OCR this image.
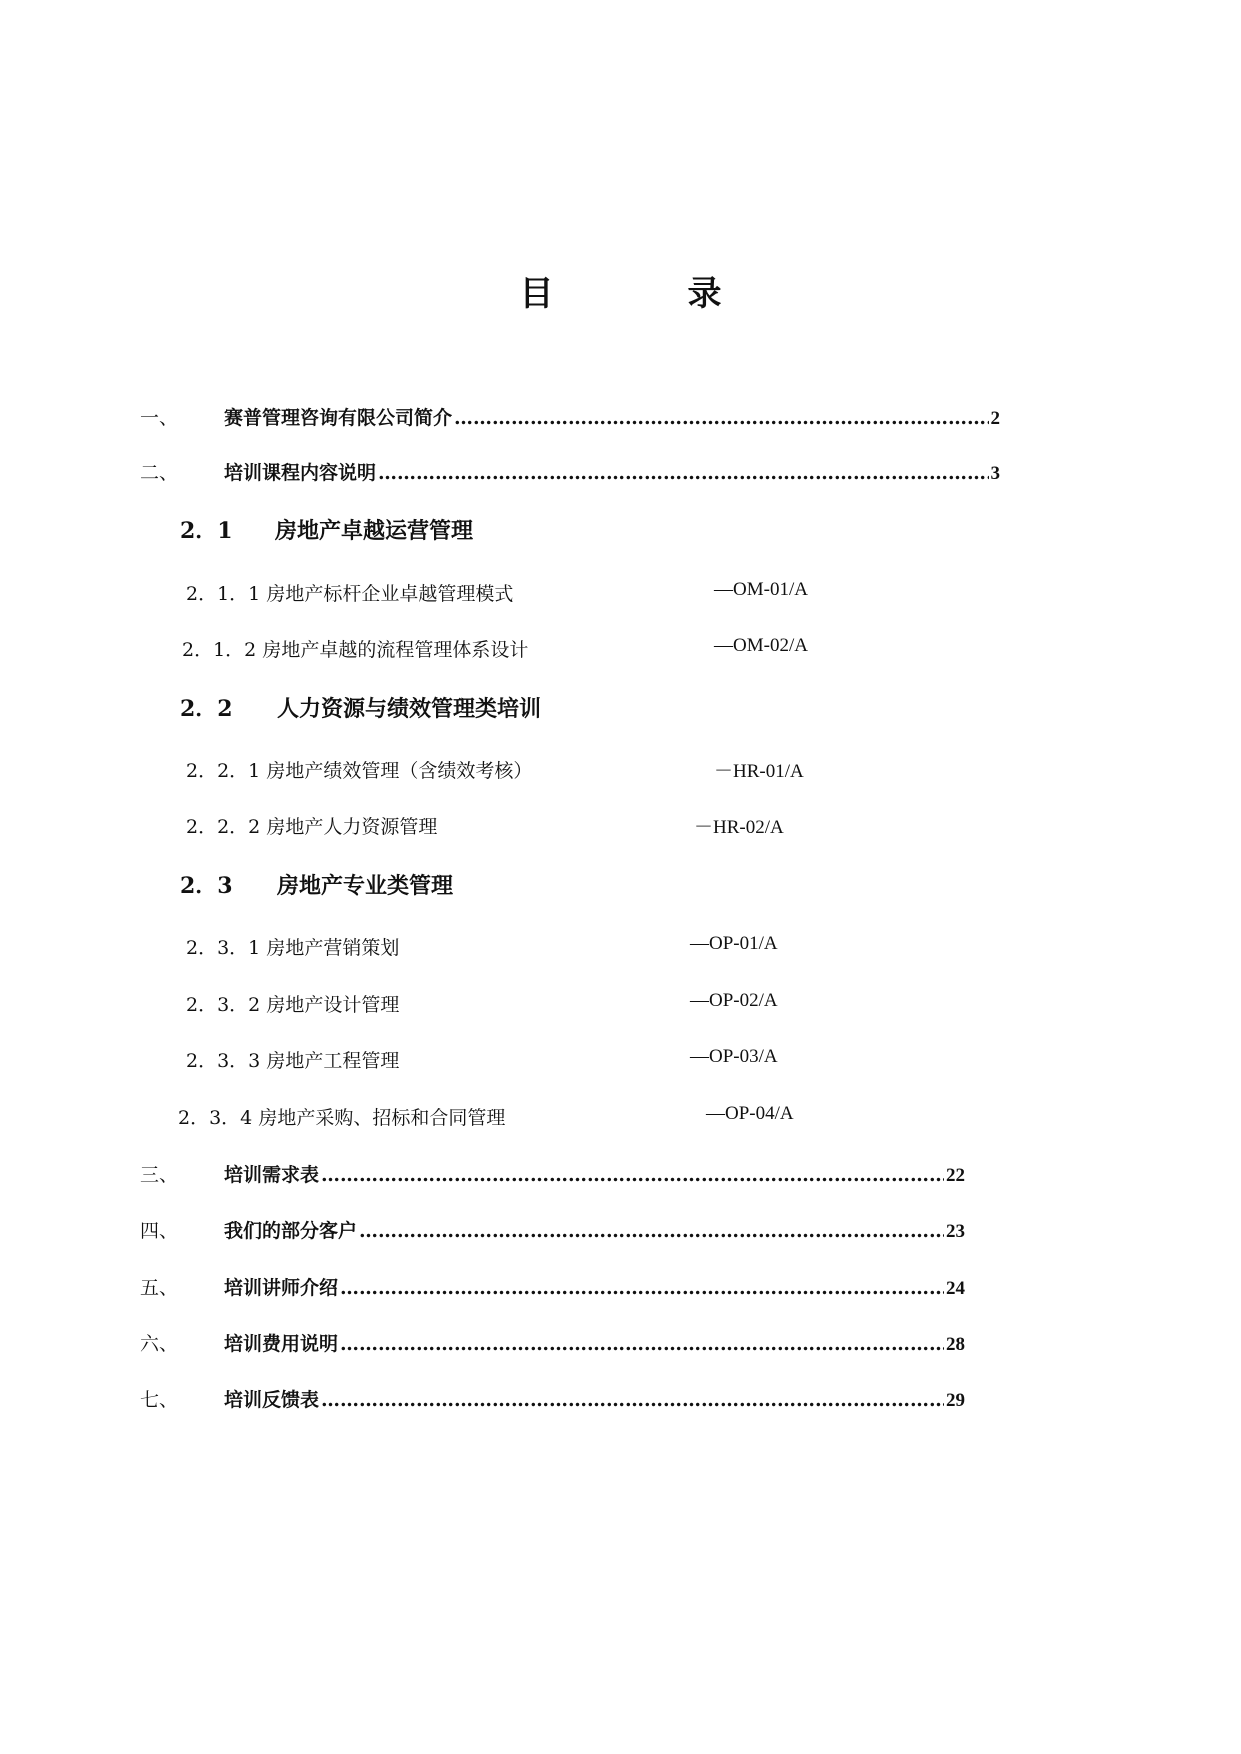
目　录
一、	赛普管理咨询有限公司简介 …………………………………………………………………………………………………………………………………………	2
二、	培训课程内容说明 …………………………………………………………………………………………………………………………………………	3
2．1	房地产卓越运营管理
2．1．1 房地产标杆企业卓越管理模式	—OM-01/A
2．1．2 房地产卓越的流程管理体系设计	—OM-02/A
2．2	人力资源与绩效管理类培训
2．2．1 房地产绩效管理（含绩效考核）	－HR-01/A
2．2．2 房地产人力资源管理	－HR-02/A
2．3	房地产专业类管理
2．3．1 房地产营销策划	—OP-01/A
2．3．2 房地产设计管理	—OP-02/A
2．3．3 房地产工程管理	—OP-03/A
2．3．4 房地产采购、招标和合同管理	—OP-04/A
三、	培训需求表 …………………………………………………………………………………………………………………………………………	22
四、	我们的部分客户 …………………………………………………………………………………………………………………………………………	23
五、	培训讲师介绍 …………………………………………………………………………………………………………………………………………	24
六、	培训费用说明 …………………………………………………………………………………………………………………………………………	28
七、	培训反馈表 …………………………………………………………………………………………………………………………………………	29
